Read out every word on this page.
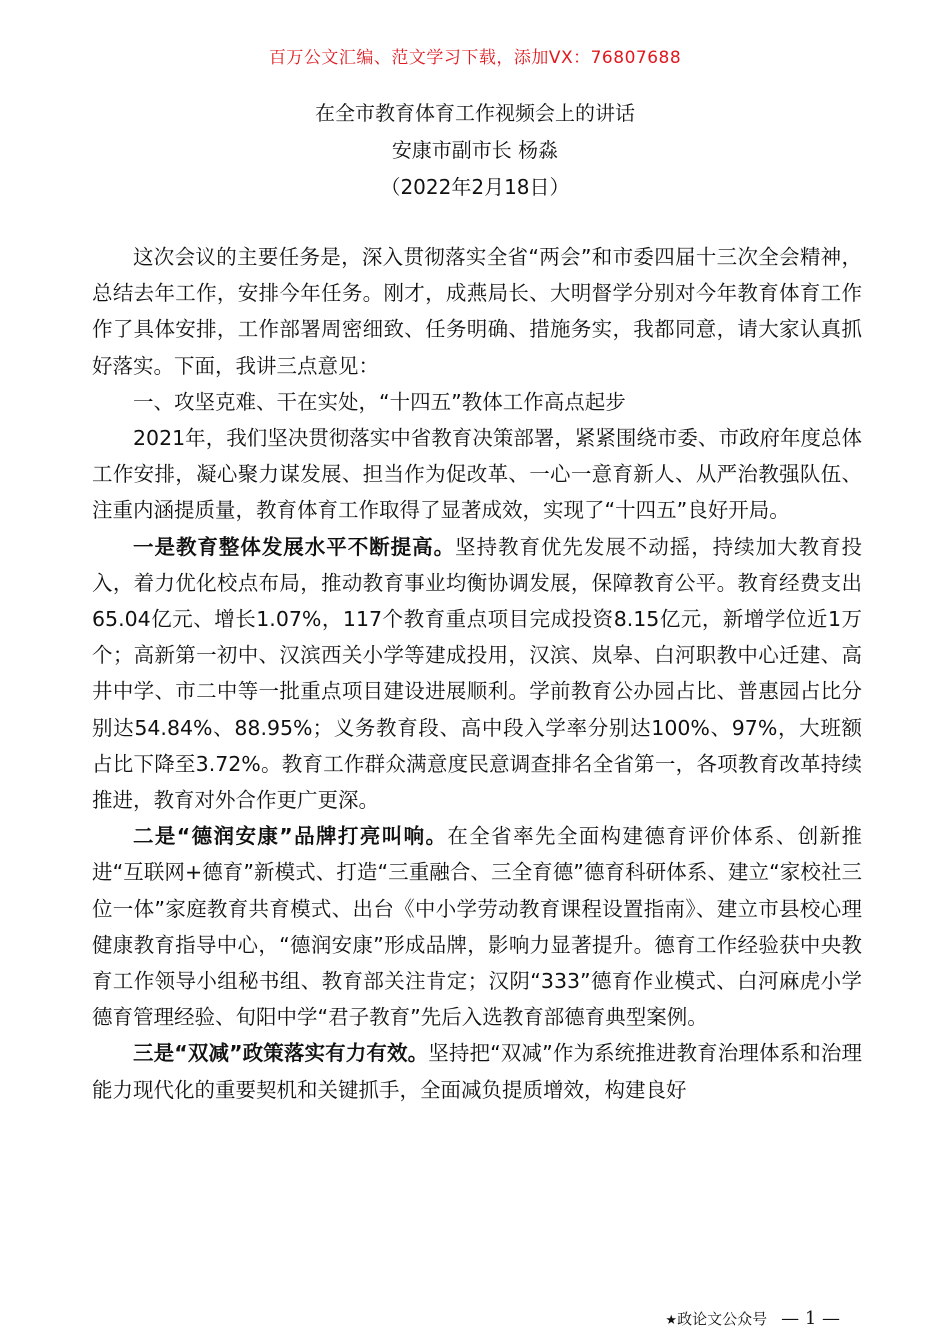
百万公文汇编、范文学习下载，添加VX：76807688
在全市教育体育工作视频会上的讲话
安康市副市长 杨淼
（2022年2月18日）

这次会议的主要任务是，深入贯彻落实全省“两会”和市委四届十三次全会精神，总结去年工作，安排今年任务。刚才，成燕局长、大明督学分别对今年教育体育工作作了具体安排，工作部署周密细致、任务明确、措施务实，我都同意，请大家认真抓好落实。下面，我讲三点意见：

一、攻坚克难、干在实处，“十四五”教体工作高点起步

2021年，我们坚决贯彻落实中省教育决策部署，紧紧围绕市委、市政府年度总体工作安排，凝心聚力谋发展、担当作为促改革、一心一意育新人、从严治教强队伍、注重内涵提质量，教育体育工作取得了显著成效，实现了“十四五”良好开局。

一是教育整体发展水平不断提高。坚持教育优先发展不动摇，持续加大教育投入，着力优化校点布局，推动教育事业均衡协调发展，保障教育公平。教育经费支出65.04亿元、增长1.07%，117个教育重点项目完成投资8.15亿元，新增学位近1万个；高新第一初中、汉滨西关小学等建成投用，汉滨、岚皋、白河职教中心迁建、高井中学、市二中等一批重点项目建设进展顺利。学前教育公办园占比、普惠园占比分别达54.84%、88.95%；义务教育段、高中段入学率分别达100%、97%，大班额占比下降至3.72%。教育工作群众满意度民意调查排名全省第一，各项教育改革持续推进，教育对外合作更广更深。

二是“德润安康”品牌打亮叫响。在全省率先全面构建德育评价体系、创新推进“互联网+德育”新模式、打造“三重融合、三全育德”德育科研体系、建立“家校社三位一体”家庭教育共育模式、出台《中小学劳动教育课程设置指南》、建立市县校心理健康教育指导中心，“德润安康”形成品牌，影响力显著提升。德育工作经验获中央教育工作领导小组秘书组、教育部关注肯定；汉阴“333”德育作业模式、白河麻虎小学德育管理经验、旬阳中学“君子教育”先后入选教育部德育典型案例。

三是“双减”政策落实有力有效。坚持把“双减”作为系统推进教育治理体系和治理能力现代化的重要契机和关键抓手，全面减负提质增效，构建良好

★政论文公众号 — 1 —
